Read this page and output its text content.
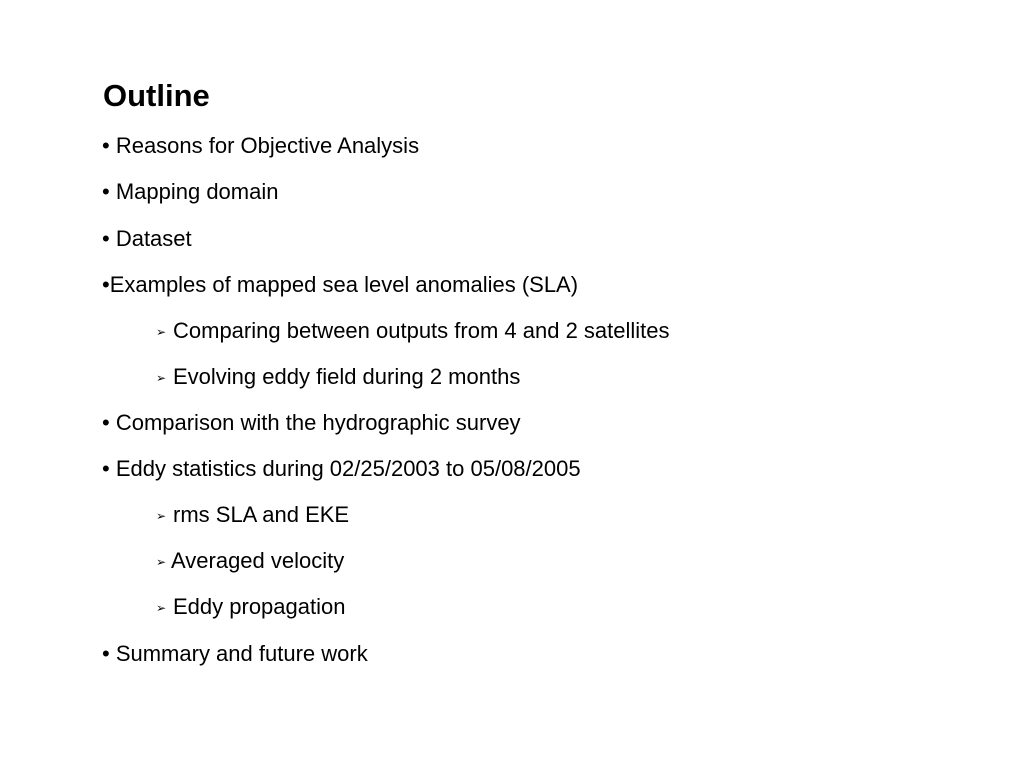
Outline
• Reasons for Objective Analysis
• Mapping domain
• Dataset
•Examples of mapped sea level anomalies (SLA)
➢ Comparing between outputs from 4 and 2 satellites
➢ Evolving eddy field during 2 months
• Comparison with the hydrographic survey
• Eddy statistics during 02/25/2003 to 05/08/2005
➢ rms SLA and EKE
➢ Averaged velocity
➢ Eddy propagation
• Summary and future work
